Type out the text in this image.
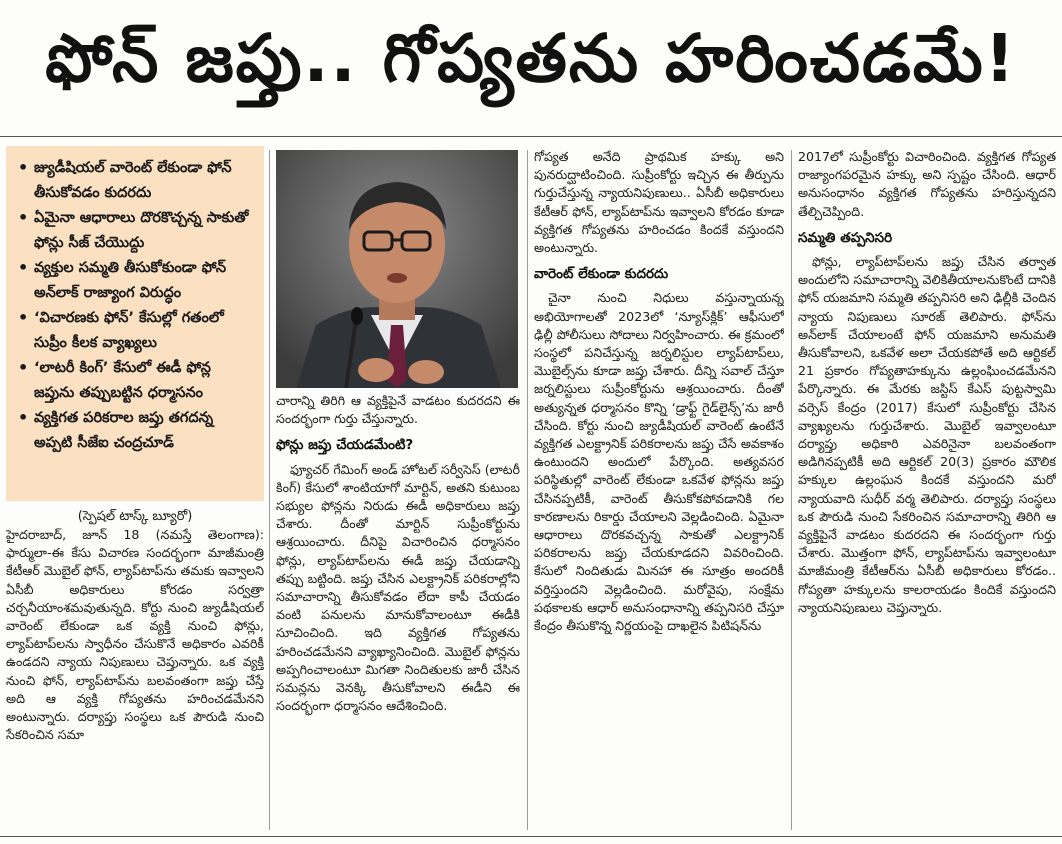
ఫోన్ జప్తు.. గోప్యతను హరించడమే!
• జ్యుడీషియల్ వారెంట్ లేకుండా ఫోన్ తీసుకోవడం కుదరదు
• ఏమైనా ఆధారాలు దొరకొచ్చన్న సాకుతో ఫోన్లు సీజ్ చేయొద్దు
• వ్యక్తుల సమ్మతి తీసుకోకుండా ఫోన్ అన్‌లాక్ రాజ్యాంగ విరుద్ధం
• ‘విచారణకు ఫోన్’ కేసుల్లో గతంలో సుప్రీం కీలక వ్యాఖ్యలు
• ‘లాటరీ కింగ్’ కేసులో ఈడీ ఫోన్ల జప్తును తప్పుబట్టిన ధర్మాసనం
• వ్యక్తిగత పరికరాల జప్తు తగదన్న అప్పటి సీజేఐ చంద్రచూడ్
(స్పెషల్ టాస్క్ బ్యూరో)

హైదరాబాద్, జూన్ 18 (నమస్తే తెలంగాణ): ఫార్ములా-ఈ కేసు విచారణ సందర్భంగా మాజీమంత్రి కేటీఆర్ మొబైల్ ఫోన్, ల్యాప్‌టాప్‌ను తమకు ఇవ్వాలని ఏసీబీ అధికారులు కోరడం సర్వత్రా చర్చనీయాంశమవుతున్నది. కోర్టు నుంచి జ్యుడీషియల్ వారెంట్ లేకుండా ఒక వ్యక్తి నుంచి ఫోన్లు, ల్యాప్‌టాప్‌లను స్వాధీనం చేసుకొనే అధికారం ఎవరికీ ఉండదని న్యాయ నిపుణులు చెప్తున్నారు. ఒక వ్యక్తి నుంచి ఫోన్, ల్యాప్‌టాప్‌ను బలవంతంగా జప్తు చేస్తే అది ఆ వ్యక్తి గోప్యతను హరించడమేనని అంటున్నారు. దర్యాప్తు సంస్థలు ఒక పౌరుడి నుంచి సేకరించిన సమా

చారాన్ని తిరిగి ఆ వ్యక్తిపైనే వాడటం కుదరదని ఈ సందర్భంగా గుర్తు చేస్తున్నారు.

ఫోన్లు జప్తు చేయడమేంటి?

ఫ్యూచర్ గేమింగ్ అండ్ హోటల్ సర్వీసెస్ (లాటరీ కింగ్) కేసులో శాంటియాగో మార్టిన్, అతని కుటుంబ సభ్యుల ఫోన్లను నిరుడు ఈడీ అధికారులు జప్తు చేశారు. దీంతో మార్టిన్ సుప్రీంకోర్టును ఆశ్రయించారు. దీనిపై విచారించిన ధర్మాసనం ఫోన్లు, ల్యాప్‌టాప్‌లను ఈడీ జప్తు చేయడాన్ని తప్పు బట్టింది. జప్తు చేసిన ఎలక్ట్రానిక్ పరికరాల్లోని సమాచారాన్ని తీసుకోవడం లేదా కాపీ చేయడం వంటి పనులను మానుకోవాలంటూ ఈడీకి సూచించింది. ఇది వ్యక్తిగత గోప్యతను హరించడమేనని వ్యాఖ్యానించింది. మొబైల్ ఫోన్లను అప్పగించాలంటూ మిగతా నిందితులకు జారీ చేసిన సమన్లను వెనక్కి తీసుకోవాలని ఈడీని ఈ సందర్భంగా ధర్మాసనం ఆదేశించింది.

గోప్యత అనేది ప్రాథమిక హక్కు అని పునరుద్ఘాటించింది. సుప్రీంకోర్టు ఇచ్చిన ఈ తీర్పును గుర్తుచేస్తున్న న్యాయనిపుణులు.. ఏసీబీ అధికారులు కేటీఆర్ ఫోన్, ల్యాప్‌టాప్‌ను ఇవ్వాలని కోరడం కూడా వ్యక్తిగత గోప్యతను హరించడం కిందకే వస్తుందని అంటున్నారు.

వారెంట్ లేకుండా కుదరదు

చైనా నుంచి నిధులు వస్తున్నాయన్న అభియోగాలతో 2023లో ‘న్యూస్‌క్లిక్’ ఆఫీసులో ఢిల్లీ పోలీసులు సోదాలు నిర్వహించారు. ఈ క్రమంలో సంస్థలో పనిచేస్తున్న జర్నలిస్టుల ల్యాప్‌టాప్‌లు, మొబైల్స్‌ను కూడా జప్తు చేశారు. దీన్ని సవాల్ చేస్తూ జర్నలిస్టులు సుప్రీంకోర్టును ఆశ్రయించారు. దీంతో అత్యున్నత ధర్మాసనం కొన్ని ‘డ్రాఫ్ట్ గైడ్‌లైన్స్’ను జారీ చేసింది. కోర్టు నుంచి జ్యుడీషియల్ వారెంట్ ఉంటేనే వ్యక్తిగత ఎలక్ట్రానిక్ పరికరాలను జప్తు చేసే అవకాశం ఉంటుందని అందులో పేర్కొంది. అత్యవసర పరిస్థితుల్లో వారెంట్ లేకుండా ఒకవేళ ఫోన్లను జప్తు చేసినప్పటికీ, వారెంట్ తీసుకోకపోవడానికి గల కారణాలను రికార్డు చేయాలని వెల్లడించింది. ఏమైనా ఆధారాలు దొరకవచ్చన్న సాకుతో ఎలక్ట్రానిక్ పరికరాలను జప్తు చేయకూడదని వివరించింది. కేసులో నిందితుడు మినహా ఈ సూత్రం అందరికీ వర్తిస్తుందని వెల్లడించింది. మరోవైపు, సంక్షేమ పథకాలకు ఆధార్ అనుసంధానాన్ని తప్పనిసరి చేస్తూ కేంద్రం తీసుకొన్న నిర్ణయంపై దాఖలైన పిటిషన్‌ను

2017లో సుప్రీంకోర్టు విచారించింది. వ్యక్తిగత గోప్యత రాజ్యాంగపరమైన హక్కు అని స్పష్టం చేసింది. ఆధార్ అనుసంధానం వ్యక్తిగత గోప్యతను హరిస్తున్నదని తేల్చిచెప్పింది.

సమ్మతి తప్పనిసరి

ఫోన్లు, ల్యాప్‌టాప్‌లను జప్తు చేసిన తర్వాత అందులోని సమాచారాన్ని వెలికితీయాలనుకొంటే దానికి ఫోన్ యజమాని సమ్మతి తప్పనిసరి అని ఢిల్లీకి చెందిన న్యాయ నిపుణులు సూరజ్ తెలిపారు. ఫోన్‌ను అన్‌లాక్ చేయాలంటే ఫోన్ యజమాని అనుమతి తీసుకోవాలని, ఒకవేళ అలా చేయకపోతే అది ఆర్టికల్ 21 ప్రకారం గోప్యతాహక్కును ఉల్లంఘించడమేనని పేర్కొన్నారు. ఈ మేరకు జస్టిస్ కేఎస్ పుట్టస్వామి వర్సెస్ కేంద్రం (2017) కేసులో సుప్రీంకోర్టు చేసిన వ్యాఖ్యలను గుర్తుచేశారు. మొబైల్ ఇవ్వాలంటూ దర్యాప్తు అధికారి ఎవరినైనా బలవంతంగా అడిగినప్పటికీ అది ఆర్టికల్ 20(3) ప్రకారం మౌలిక హక్కుల ఉల్లంఘన కిందకే వస్తుందని మరో న్యాయవాది సుధీర్ వర్మ తెలిపారు. దర్యాప్తు సంస్థలు ఒక పౌరుడి నుంచి సేకరించిన సమాచారాన్ని తిరిగి ఆ వ్యక్తిపైనే వాడటం కుదరదని ఈ సందర్భంగా గుర్తు చేశారు. మొత్తంగా ఫోన్, ల్యాప్‌టాప్‌ను ఇవ్వాలంటూ మాజీమంత్రి కేటీఆర్‌ను ఏసీబీ అధికారులు కోరడం.. గోప్యతా హక్కులను కాలరాయడం కిందికే వస్తుందని న్యాయనిపుణులు చెప్తున్నారు.
